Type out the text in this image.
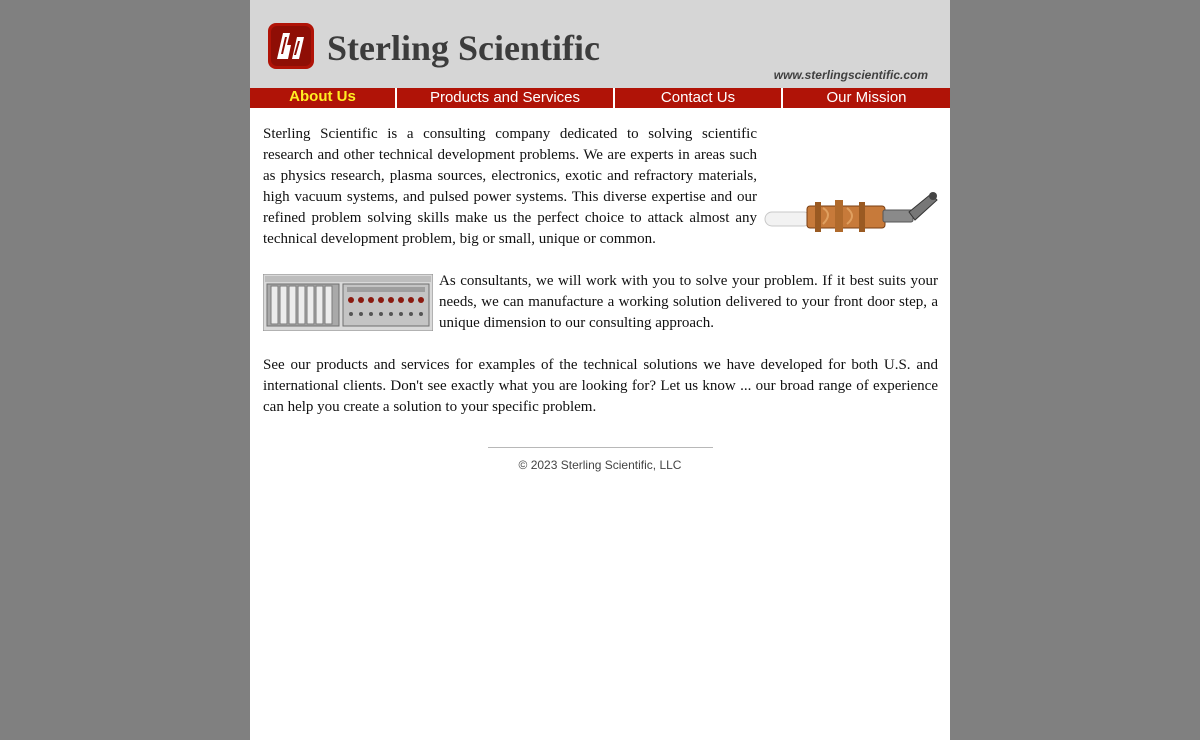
Sterling Scientific
www.sterlingscientific.com
About Us	Products and Services	Contact Us	Our Mission

Sterling Scientific is a consulting company dedicated to solving scientific research and other technical development problems. We are experts in areas such as physics research, plasma sources, electronics, exotic and refractory materials, high vacuum systems, and pulsed power systems. This diverse expertise and our refined problem solving skills make us the perfect choice to attack almost any technical development problem, big or small, unique or common.

As consultants, we will work with you to solve your problem. If it best suits your needs, we can manufacture a working solution delivered to your front door step, a unique dimension to our consulting approach.

See our products and services for examples of the technical solutions we have developed for both U.S. and international clients. Don't see exactly what you are looking for? Let us know ... our broad range of experience can help you create a solution to your specific problem.

© 2023 Sterling Scientific, LLC
